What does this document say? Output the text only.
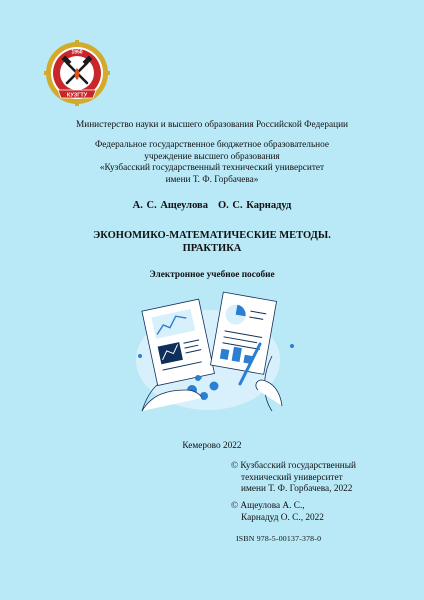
КУЗГТУ
1950
Министерство науки и высшего образования Российской Федерации
Федеральное государственное бюджетное образовательное
учреждение высшего образования
«Кузбасский государственный технический университет
имени Т. Ф. Горбачева»
А. С. Ащеулова О. С. Карнадуд
ЭКОНОМИКО-МАТЕМАТИЧЕСКИЕ МЕТОДЫ.
ПРАКТИКА
Электронное учебное пособие
Кемерово 2022
© Кузбасский государственный
технический университет
имени Т. Ф. Горбачева, 2022
© Ащеулова А. С.,
Карнадуд О. С., 2022
ISBN 978-5-00137-378-0
